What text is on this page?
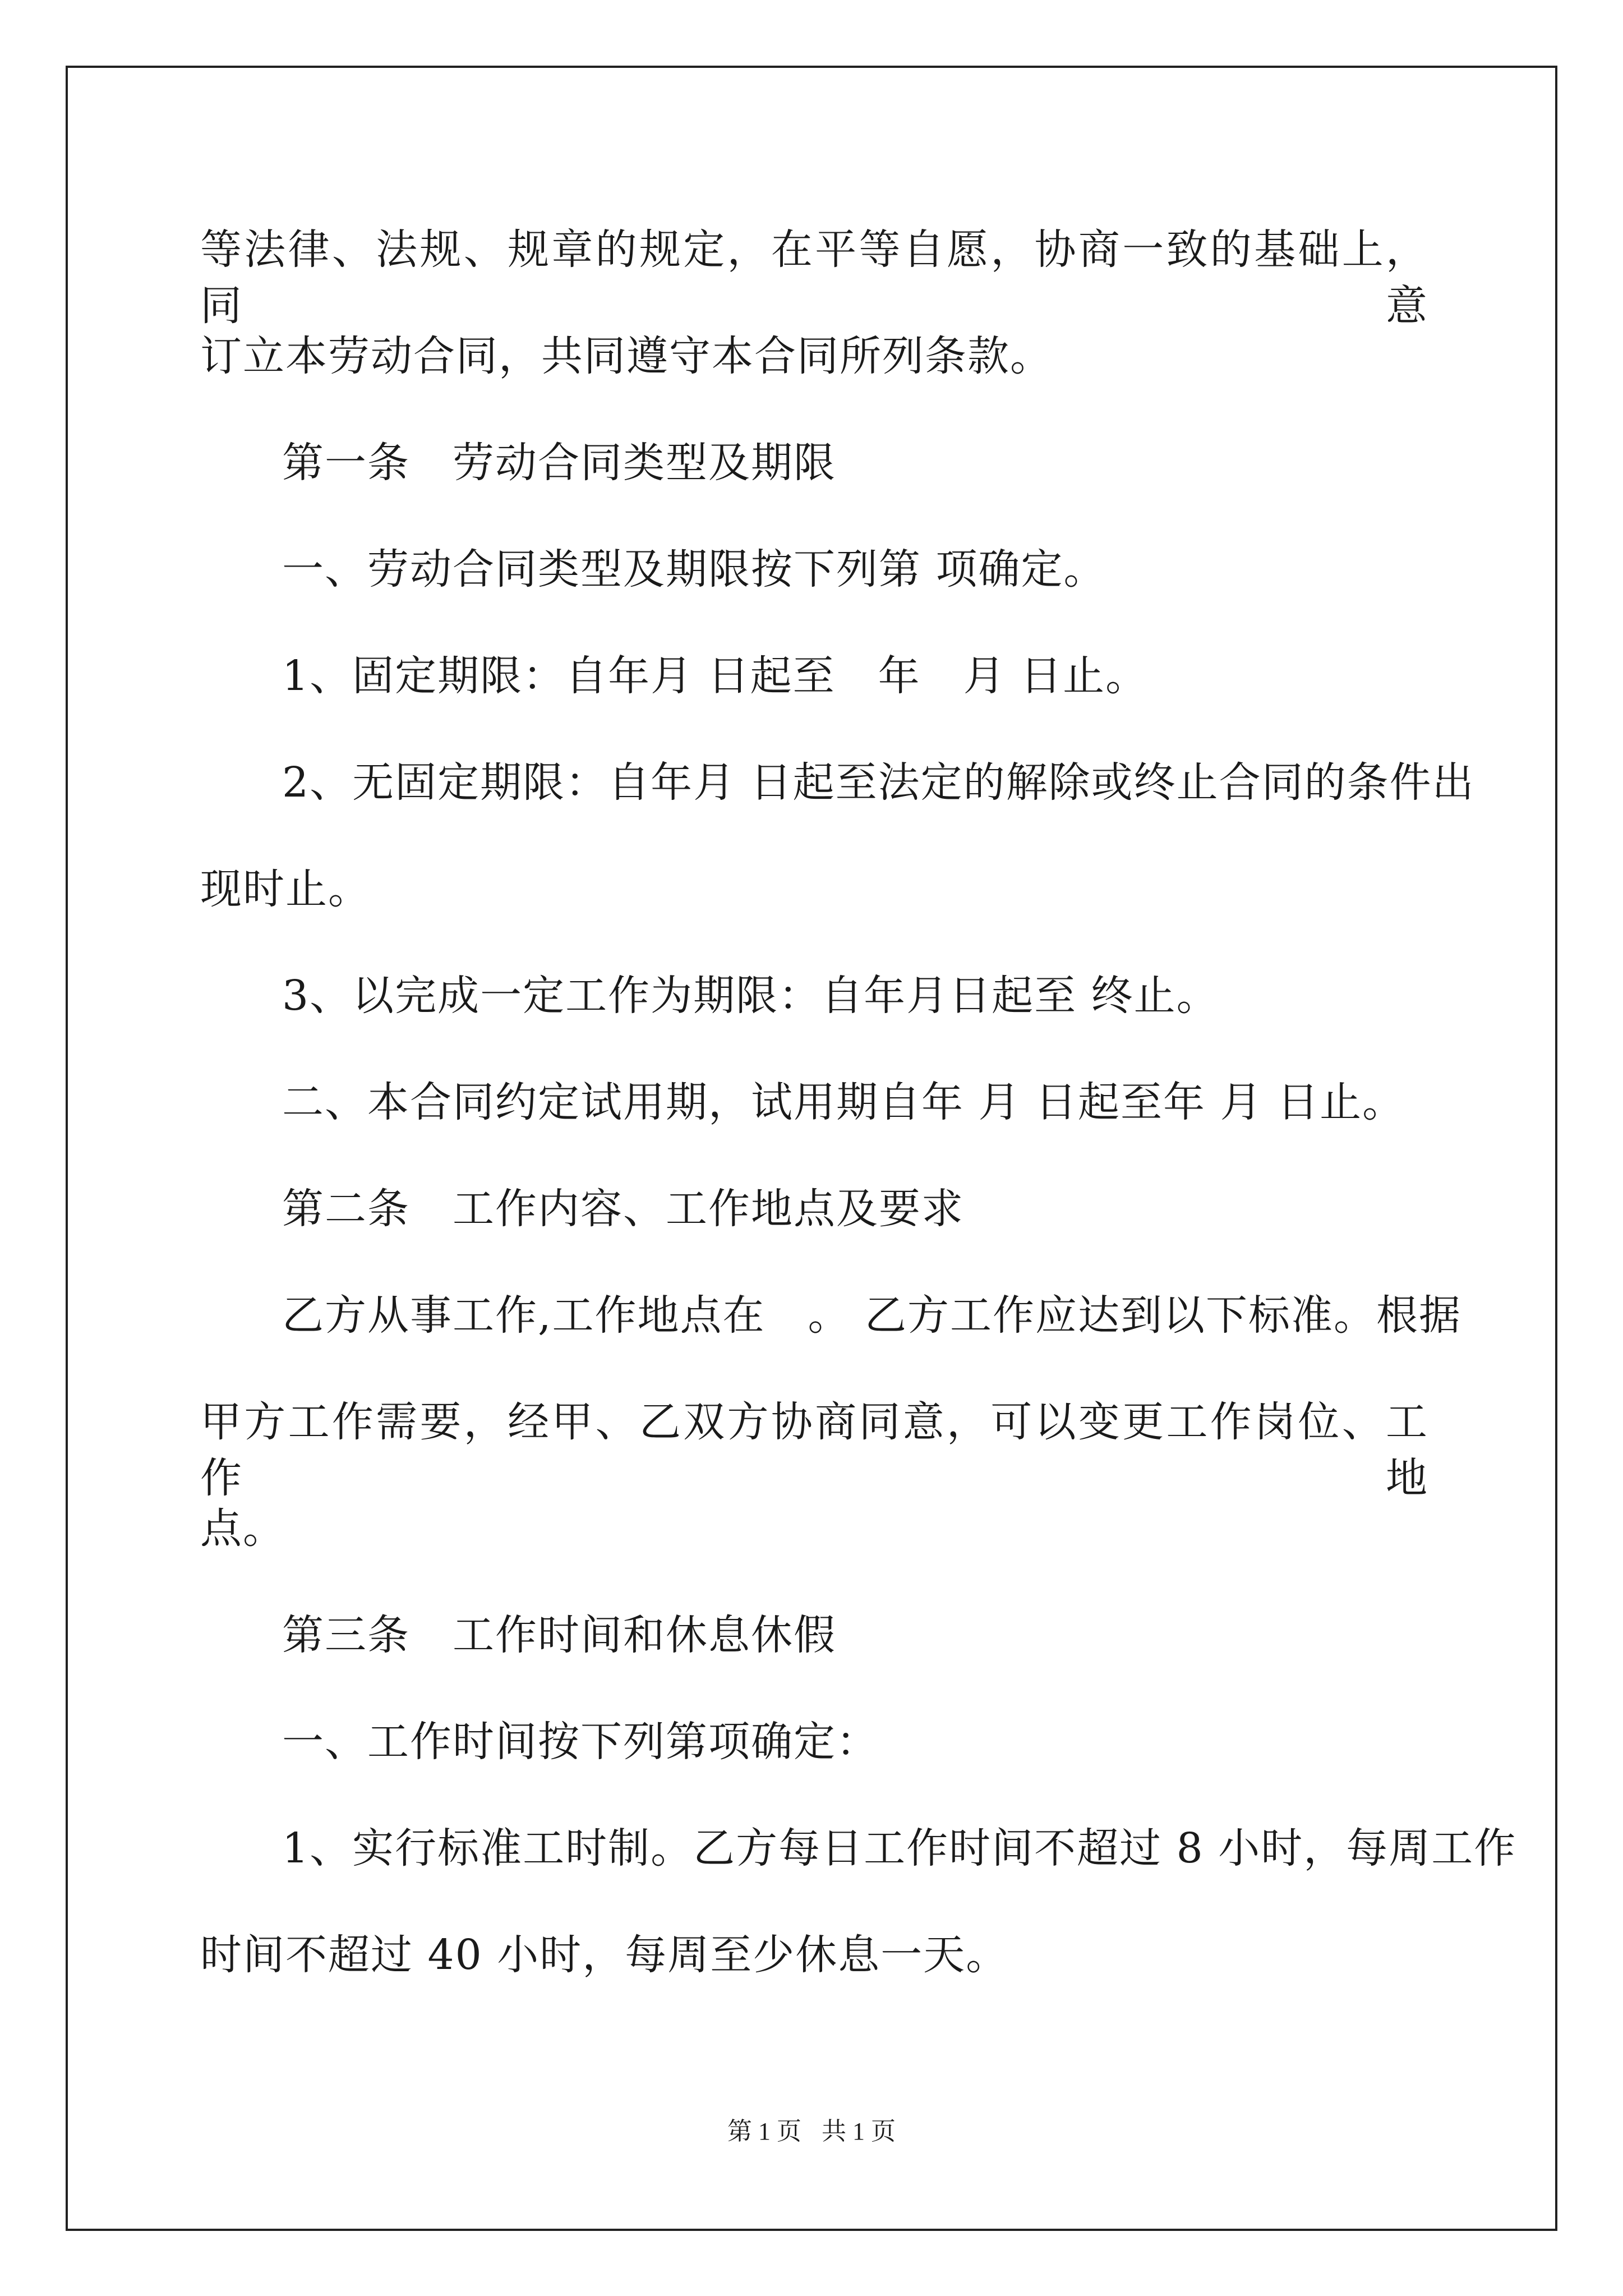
等法律、法规、规章的规定，在平等自愿，协商一致的基础上，同意
订立本劳动合同，共同遵守本合同所列条款。
第一条　劳动合同类型及期限
一、劳动合同类型及期限按下列第 项确定。
1、固定期限：自年月 日起至　年　月 日止。
2、无固定期限：自年月 日起至法定的解除或终止合同的条件出
现时止。
3、以完成一定工作为期限：自年月日起至 终止。
二、本合同约定试用期，试用期自年 月 日起至年 月 日止。
第二条　工作内容、工作地点及要求
乙方从事工作,工作地点在　。 乙方工作应达到以下标准。根据
甲方工作需要，经甲、乙双方协商同意，可以变更工作岗位、工作地
点。
第三条　工作时间和休息休假
一、工作时间按下列第项确定：
1、实行标准工时制。乙方每日工作时间不超过 8 小时，每周工作
时间不超过 40 小时，每周至少休息一天。
第 1 页 共 1 页
